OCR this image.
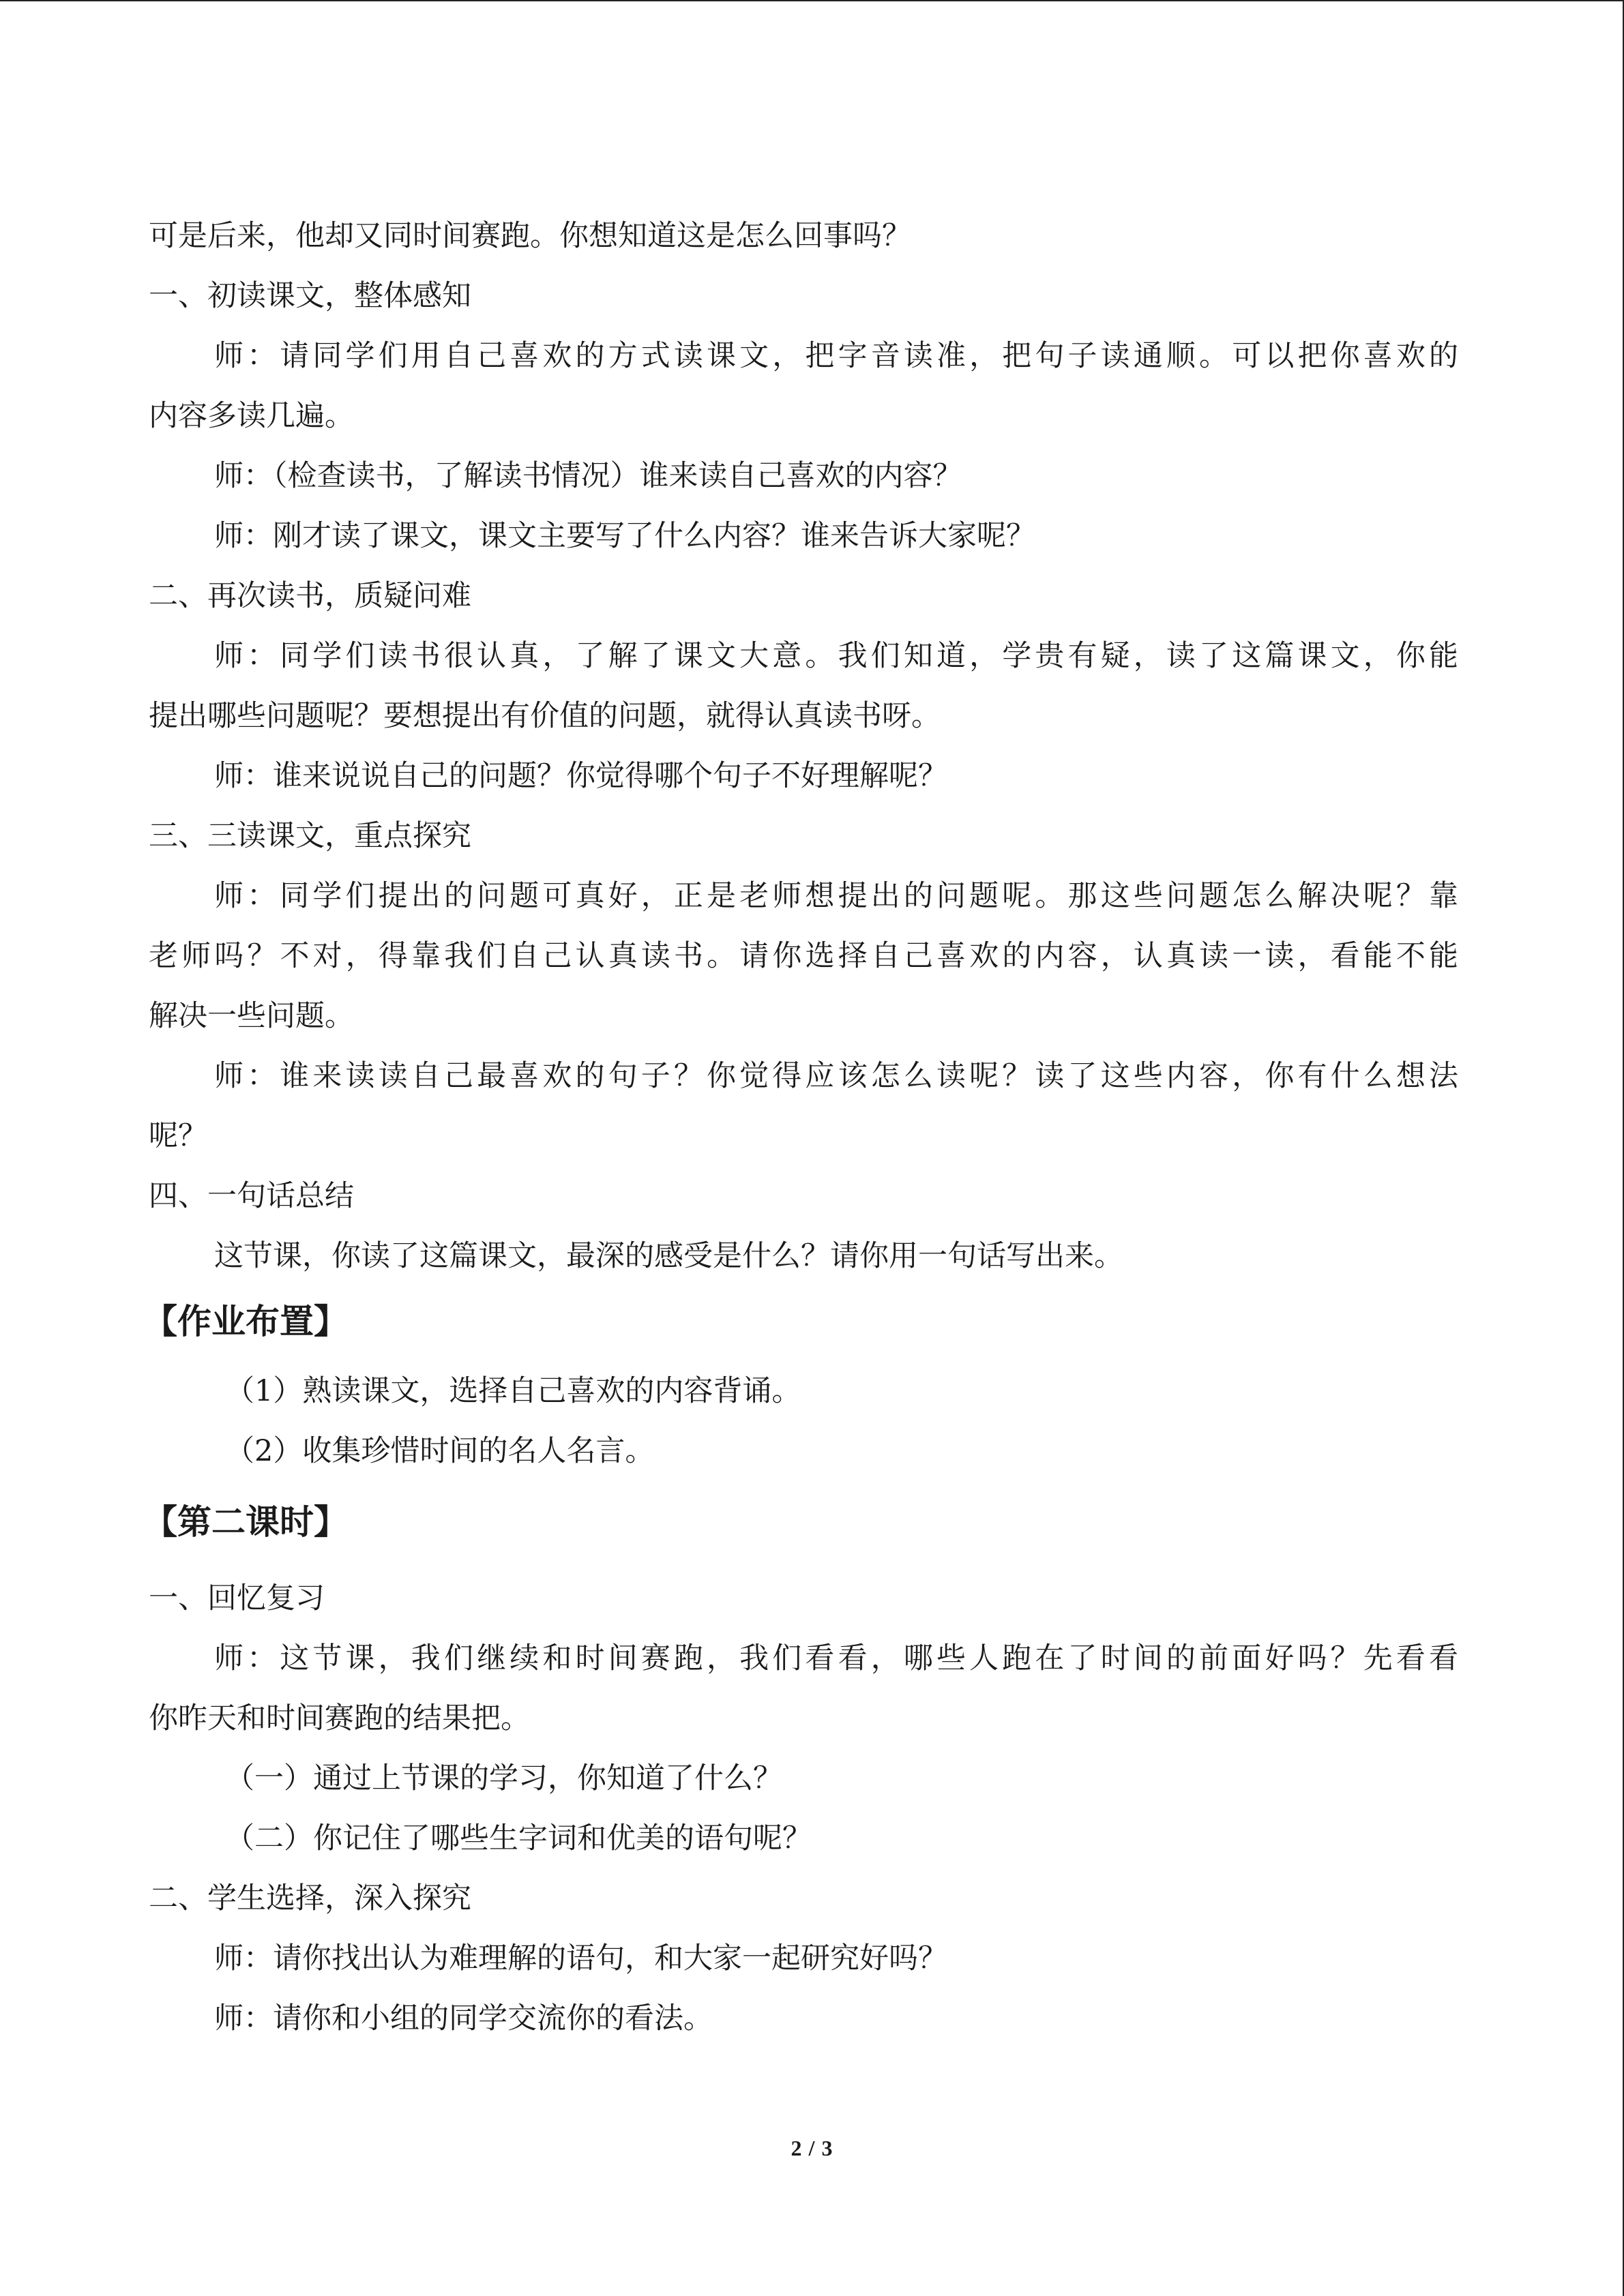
可是后来，他却又同时间赛跑。你想知道这是怎么回事吗？
一、初读课文，整体感知
师：请同学们用自己喜欢的方式读课文，把字音读准，把句子读通顺。可以把你喜欢的
内容多读几遍。
师：（检查读书，了解读书情况）谁来读自己喜欢的内容？
师：刚才读了课文，课文主要写了什么内容？谁来告诉大家呢？
二、再次读书，质疑问难
师：同学们读书很认真，了解了课文大意。我们知道，学贵有疑，读了这篇课文，你能
提出哪些问题呢？要想提出有价值的问题，就得认真读书呀。
师：谁来说说自己的问题？你觉得哪个句子不好理解呢？
三、三读课文，重点探究
师：同学们提出的问题可真好，正是老师想提出的问题呢。那这些问题怎么解决呢？靠
老师吗？不对，得靠我们自己认真读书。请你选择自己喜欢的内容，认真读一读，看能不能
解决一些问题。
师：谁来读读自己最喜欢的句子？你觉得应该怎么读呢？读了这些内容，你有什么想法
呢？
四、一句话总结
这节课，你读了这篇课文，最深的感受是什么？请你用一句话写出来。
【作业布置】
（1）熟读课文，选择自己喜欢的内容背诵。
（2）收集珍惜时间的名人名言。
【第二课时】
一、回忆复习
师：这节课，我们继续和时间赛跑，我们看看，哪些人跑在了时间的前面好吗？先看看
你昨天和时间赛跑的结果把。
（一）通过上节课的学习，你知道了什么？
（二）你记住了哪些生字词和优美的语句呢？
二、学生选择，深入探究
师：请你找出认为难理解的语句，和大家一起研究好吗？
师：请你和小组的同学交流你的看法。
2 / 3
